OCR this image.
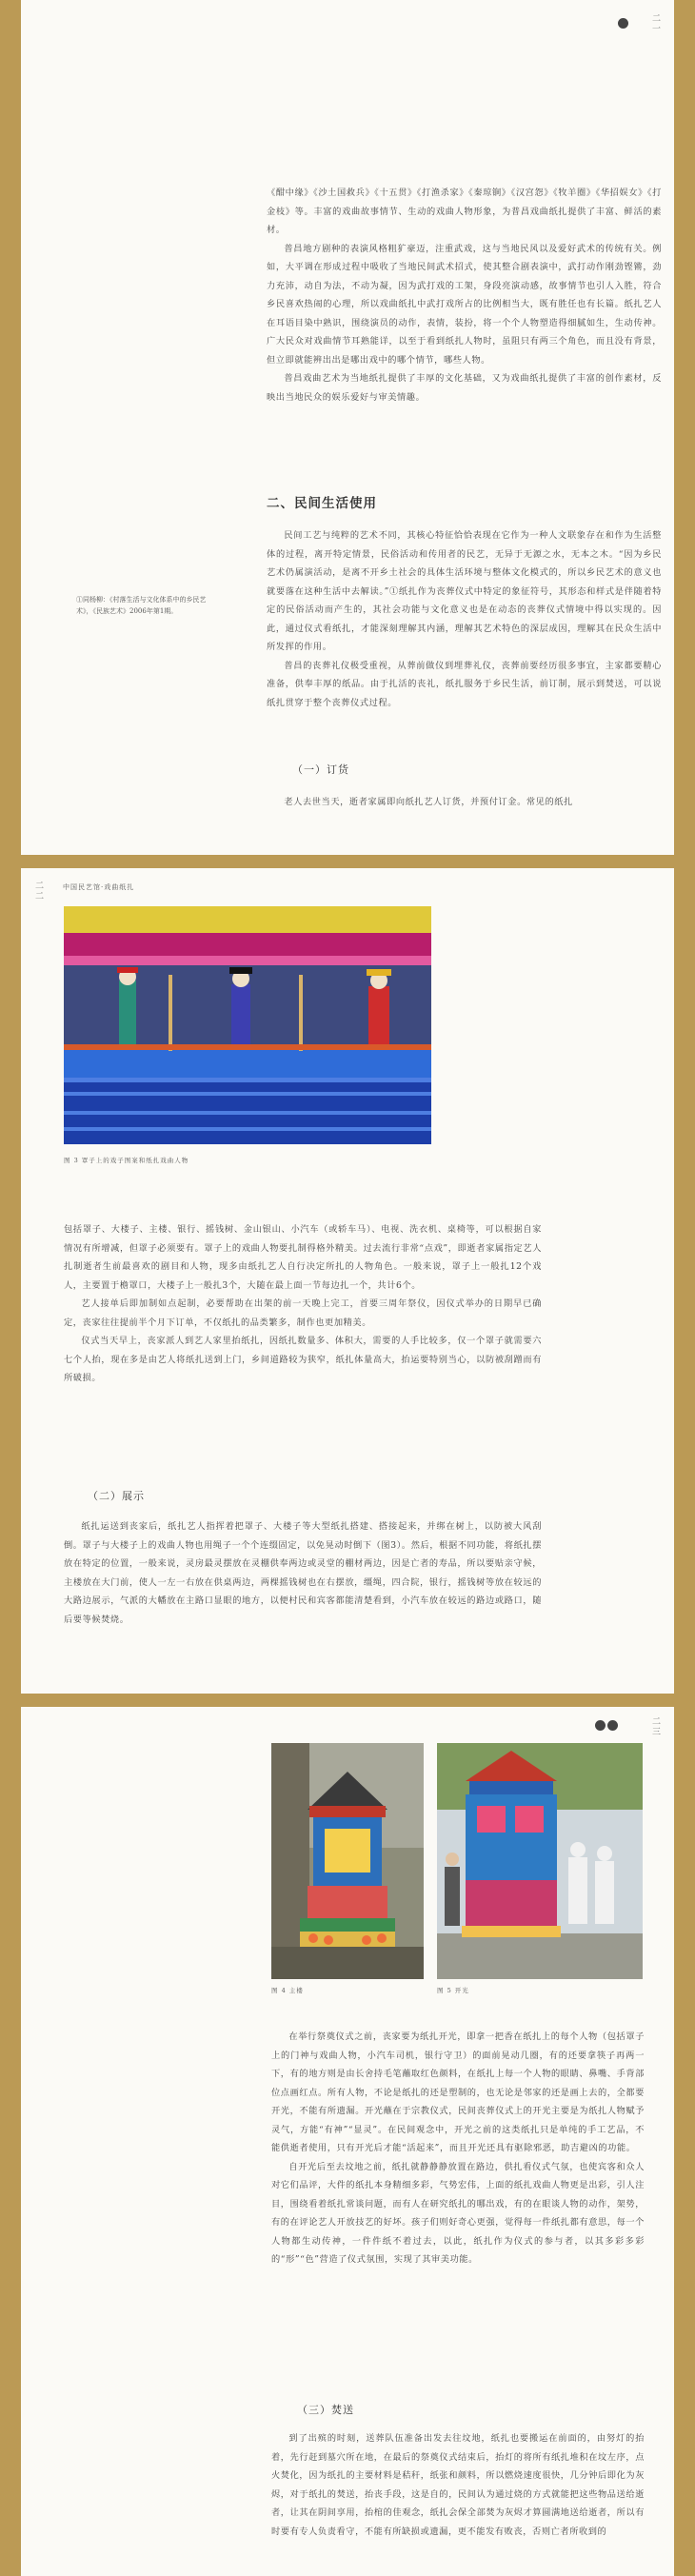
二一

《酣中缘》《沙土国救兵》《十五贯》《打渔杀家》《秦琼锏》《汉宫怨》《牧羊圈》《华招娱女》《打金枝》等。丰富的戏曲故事情节、生动的戏曲人物形象，为普昌戏曲纸扎提供了丰富、鲜活的素材。

普昌地方剧种的表演风格粗犷豪迈，注重武戏，这与当地民风以及爱好武术的传统有关。例如，大平调在形成过程中吸收了当地民间武术招式，使其整合剧表演中，武打动作刚劲铿锵，劲力充沛，动自为法，不动为凝，因为武打戏的工架，身段亮演动感，故事情节也引人入胜，符合乡民喜欢热闹的心理，所以戏曲纸扎中武打戏所占的比例相当大，既有胜任也有长篇。纸扎艺人在耳语目染中熟识，围绕演员的动作，表情，装扮，将一个个人物塑造得细腻如生，生动传神。广大民众对戏曲情节耳熟能详，以至于看到纸扎人物时，虽阻只有两三个角色，而且没有背景，但立即就能辨出出是哪出戏中的哪个情节，哪些人物。

普昌戏曲艺术为当地纸扎提供了丰厚的文化基础，又为戏曲纸扎提供了丰富的创作素材，反映出当地民众的娱乐爱好与审美情趣。

二、民间生活使用
①同杨柳：《村落生活与文化体系中的乡民艺术》，《民族艺术》2006年第1期。

民间工艺与纯粹的艺术不同，其核心特征恰恰表现在它作为一种人文联象存在和作为生活整体的过程，离开特定情景，民俗活动和传用者的民艺，无异于无源之水，无本之木。“因为乡民艺术仍属演活动，是离不开乡土社会的具体生活环境与整体文化模式的，所以乡民艺术的意义也就要落在这种生活中去解读。”①纸扎作为丧葬仪式中特定的象征符号，其形态和样式是伴随着特定的民俗活动而产生的，其社会功能与文化意义也是在动态的丧葬仪式情境中得以实现的。因此，通过仪式看纸扎，才能深刻理解其内涵，理解其艺术特色的深层成因，理解其在民众生活中所发挥的作用。

普昌的丧葬礼仪极受重视，从葬前做仪到埋葬礼仪，丧葬前要经历很多事宜，主家都要精心准备，供奉丰厚的纸品。由于扎活的丧礼，纸扎服务于乡民生活，前订制，展示到焚送，可以说纸扎贯穿于整个丧葬仪式过程。

（一）订货

老人去世当天，逝者家属即向纸扎艺人订货，并预付订金。常见的纸扎

二二	中国民艺馆·戏曲纸扎
图 3 罩子上的戏子图案和纸扎戏曲人物

包括罩子、大楼子、主楼、银行、摇钱树、金山银山、小汽车（或轿车马）、电视、洗衣机、桌椅等，可以根据自家情况有所增减，但罩子必须要有。罩子上的戏曲人物要扎制得格外精美。过去流行非常“点戏”，即逝者家属指定艺人扎制逝者生前最喜欢的剧目和人物，现多由纸扎艺人自行决定所扎的人物角色。一般来说，罩子上一般扎12个戏人，主要置于檐罩口，大楼子上一般扎3个，大随在最上面一节每边扎一个，共计6个。

艺人接单后即加制如点起制，必要帮助在出架的前一天晚上完工，首要三周年祭仪，因仪式举办的日期早已确定，丧家往往提前半个月下订单，不仅纸扎的品类繁多，制作也更加精美。

仪式当天早上，丧家派人到艺人家里抬纸扎，因纸扎数量多、体积大，需要的人手比较多，仅一个罩子就需要六七个人抬，现在多是由艺人将纸扎送到上门，乡间道路较为狭窄，纸扎体量高大，抬运要特别当心，以防被刮蹭而有所破损。

（二）展示

纸扎运送到丧家后，纸扎艺人指挥着把罩子、大楼子等大型纸扎搭建、搭接起来，并绑在树上，以防被大风刮倒。罩子与大楼子上的戏曲人物也用绳子一个个连缀固定，以免晃动时倒下（图3）。然后，根据不同功能，将纸扎摆放在特定的位置，一般来说，灵房最灵摆放在灵棚供奉两边或灵堂的棚材两边，因是亡者的寿品，所以要贴亲守候，主楼放在大门前，使人一左一右放在供桌两边，两棵摇钱树也在右摆放，缰绳，四合院，银行，摇钱树等放在较远的大路边展示，气派的大幡放在主路口显眼的地方，以便村民和宾客都能清楚看到，小汽车放在较远的路边或路口，随后要等候焚烧。

二三
图 4 主楼	图 5 开光

在举行祭奠仪式之前，丧家要为纸扎开光，即拿一把香在纸扎上的每个人物（包括罩子上的门神与戏曲人物，小汽车司机，银行守卫）的面前晃动几圈，有的还要拿筷子再两一下，有的地方则是由长舍持毛笔蘸取红色颜料，在纸扎上每一个人物的眼睛、鼻嘴、手背部位点画红点。所有人物，不论是纸扎的还是塑制的，也无论是邻家的还是画上去的，全都要开光，不能有所遗漏。开光蘸在于宗教仪式，民间丧葬仪式上的开光主要是为纸扎人物赋予灵气，方能“有神”“显灵”。在民间观念中，开光之前的这类纸扎只是单纯的手工艺品，不能供逝者使用，只有开光后才能“活起来”，而且开光还具有驱除邪恶，助吉避凶的功能。

自开光后至去坟地之前，纸扎就静静静放置在路边，供扎看仪式气氛，也使宾客和众人对它们品评，大件的纸扎本身精细多彩，气势宏伟，上面的纸扎戏曲人物更是出彩，引人注目，围绕看着纸扎常谈问题，而有人在研究纸扎的哪出戏，有的在眼谈人物的动作，架势，有的在评论艺人开放技艺的好坏。孩子们则好奇心更强，觉得每一件纸扎都有意思，每一个人物都生动传神，一件件纸不着过去，以此，纸扎作为仪式的参与者，以其多彩多彩的“形”“色”营造了仪式氛围，实现了其审美功能。

（三）焚送

到了出殡的时刻，送葬队伍准备出发去往坟地，纸扎也要搬运在前面的，由努灯的抬着，先行赶到墓穴所在地，在最后的祭奠仪式结束后，抬灯的将所有纸扎堆积在坟左序，点火焚化，因为纸扎的主要材料是秸秆，纸张和颜料，所以燃烧速度很快，几分钟后即化为灰烬，对于纸扎的焚送，抬丧手段，这是自的，民间认为通过烧的方式就能把这些物品送给逝者，让其在阴间享用，抬棺的佳观念，纸扎会保全部焚为灰烬才算圆满地送给逝者，所以有时要有专人负责看守，不能有所缺损或遗漏，更不能发有败丧，否则亡者所收到的
